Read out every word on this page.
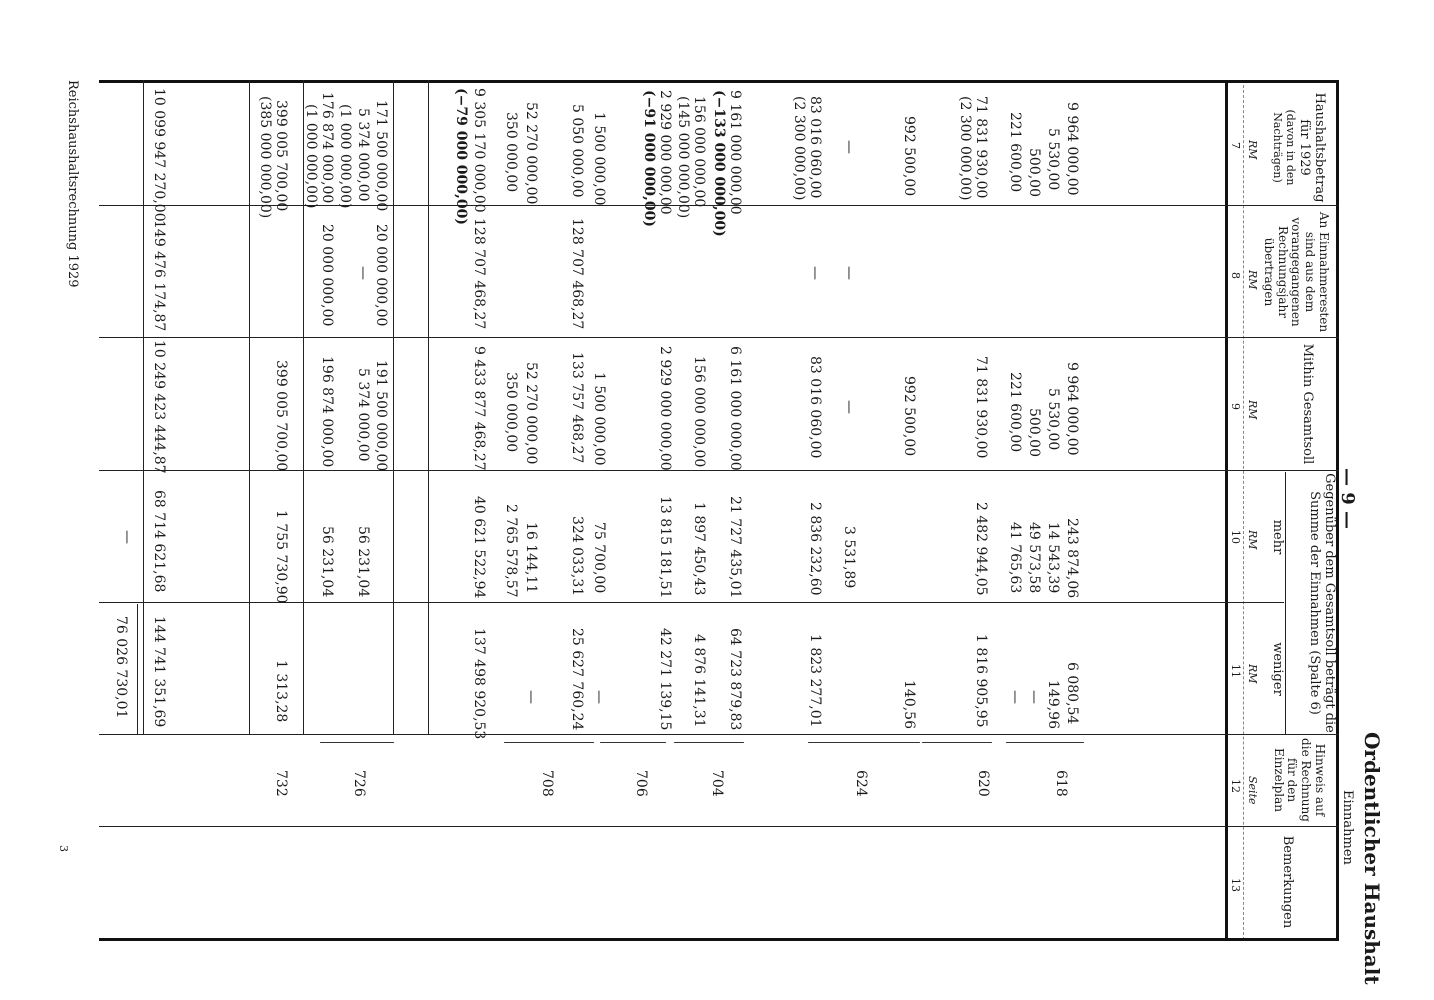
— 9 —
Ordentlicher Haushalt
Einnahmen
Haushaltsbetrag für 1929
(davon in den Nachträgen)
An Einnahmeresten sind aus dem vorangegangenen Rechnungsjahr übertragen
Mithin Gesamtsoll
Gegenüber dem Gesamtsoll beträgt die Summe der Einnahmen (Spalte 6)
mehr
weniger
Hinweis auf die Rechnung für den Einzelplan
Bemerkungen
RM
RM
RM
RM
RM
Seite
7
8
9
10
11
12
13
9 964 000,00
9 964 000,00
243 874,06
6 080,54
5 530,00
5 530,00
14 543,39
149,96
500,00
500,00
49 573,58
—
221 600,00
221 600,00
41 765,63
—
71 831 930,00
(2 300 000,00)
71 831 930,00
2 482 944,05
1 816 905,95
992 500,00
992 500,00
140,56
—
—
—
3 531,89
83 016 060,00
(2 300 000,00)
—
83 016 060,00
2 836 232,60
1 823 277,01
9 161 000 000,00
(−133 000 000,00)
6 161 000 000,00
21 727 435,01
64 723 879,83
156 000 000,00
(145 000 000,00)
156 000 000,00
1 897 450,43
4 876 141,31
2 929 000 000,00
(−91 000 000,00)
2 929 000 000,00
13 815 181,51
42 271 139,15
1 500 000,00
1 500 000,00
75 700,00
—
5 050 000,00
128 707 468,27
133 757 468,27
324 033,31
25 627 760,24
52 270 000,00
52 270 000,00
16 144,11
—
350 000,00
350 000,00
2 765 578,57
9 305 170 000,00
(−79 000 000,00)
128 707 468,27
9 433 877 468,27
40 621 522,94
137 498 920,53
171 500 000,00
20 000 000,00
191 500 000,00
5 374 000,00
—
5 374 000,00
56 231,04
(1 000 000,00)
176 874 000,00
(1 000 000,00)
20 000 000,00
196 874 000,00
56 231,04
399 005 700,00
(385 000 000,00)
399 005 700,00
1 755 730,90
1 313,28
10 099 947 270,00
149 476 174,87
10 249 423 444,87
68 714 621,68
144 741 351,69
—
76 026 730,01
618
620
624
704
706
708
726
732
Reichshaushaltsrechnung 1929
3
